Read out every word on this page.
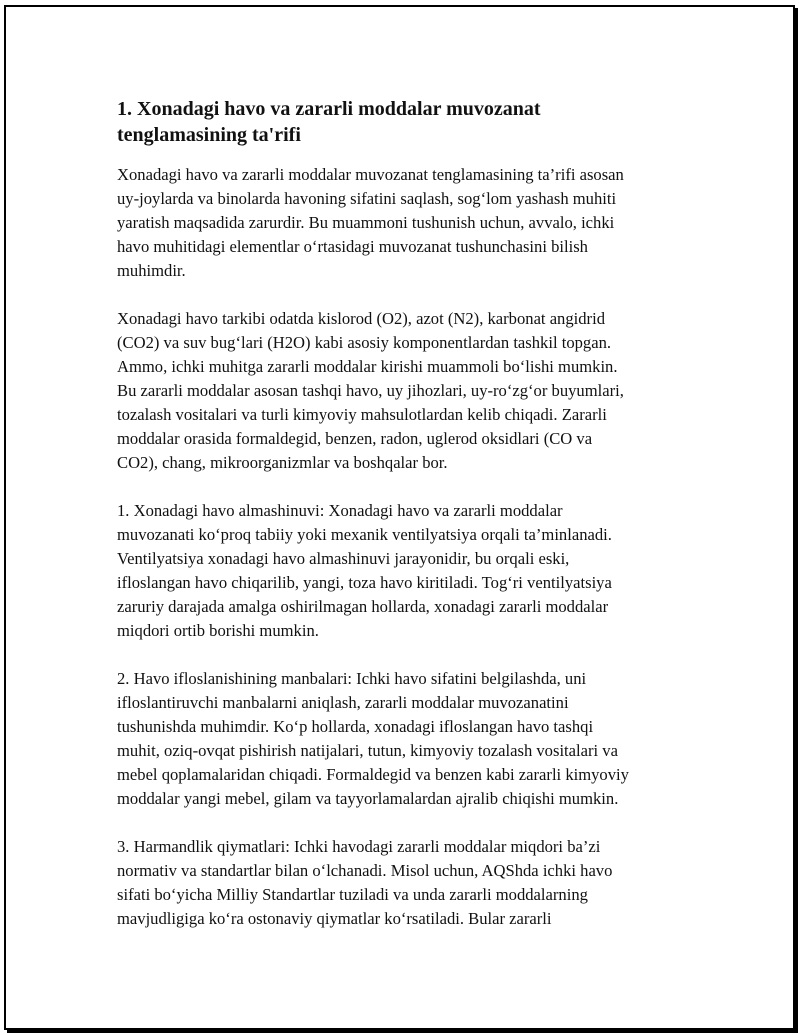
1. Xonadagi havo va zararli moddalar muvozanat
tenglamasining ta'rifi

Xonadagi havo va zararli moddalar muvozanat tenglamasining ta’rifi asosan
uy-joylarda va binolarda havoning sifatini saqlash, sog‘lom yashash muhiti
yaratish maqsadida zarurdir. Bu muammoni tushunish uchun, avvalo, ichki
havo muhitidagi elementlar o‘rtasidagi muvozanat tushunchasini bilish
muhimdir.

Xonadagi havo tarkibi odatda kislorod (O2), azot (N2), karbonat angidrid
(CO2) va suv bug‘lari (H2O) kabi asosiy komponentlardan tashkil topgan.
Ammo, ichki muhitga zararli moddalar kirishi muammoli bo‘lishi mumkin.
Bu zararli moddalar asosan tashqi havo, uy jihozlari, uy-ro‘zg‘or buyumlari,
tozalash vositalari va turli kimyoviy mahsulotlardan kelib chiqadi. Zararli
moddalar orasida formaldegid, benzen, radon, uglerod oksidlari (CO va
CO2), chang, mikroorganizmlar va boshqalar bor.

1. Xonadagi havo almashinuvi: Xonadagi havo va zararli moddalar
muvozanati ko‘proq tabiiy yoki mexanik ventilyatsiya orqali ta’minlanadi.
Ventilyatsiya xonadagi havo almashinuvi jarayonidir, bu orqali eski,
ifloslangan havo chiqarilib, yangi, toza havo kiritiladi. Tog‘ri ventilyatsiya
zaruriy darajada amalga oshirilmagan hollarda, xonadagi zararli moddalar
miqdori ortib borishi mumkin.

2. Havo ifloslanishining manbalari: Ichki havo sifatini belgilashda, uni
ifloslantiruvchi manbalarni aniqlash, zararli moddalar muvozanatini
tushunishda muhimdir. Ko‘p hollarda, xonadagi ifloslangan havo tashqi
muhit, oziq-ovqat pishirish natijalari, tutun, kimyoviy tozalash vositalari va
mebel qoplamalaridan chiqadi. Formaldegid va benzen kabi zararli kimyoviy
moddalar yangi mebel, gilam va tayyorlamalardan ajralib chiqishi mumkin.

3. Harmandlik qiymatlari: Ichki havodagi zararli moddalar miqdori ba’zi
normativ va standartlar bilan o‘lchanadi. Misol uchun, AQShda ichki havo
sifati bo‘yicha Milliy Standartlar tuziladi va unda zararli moddalarning
mavjudligiga ko‘ra ostonaviy qiymatlar ko‘rsatiladi. Bular zararli
